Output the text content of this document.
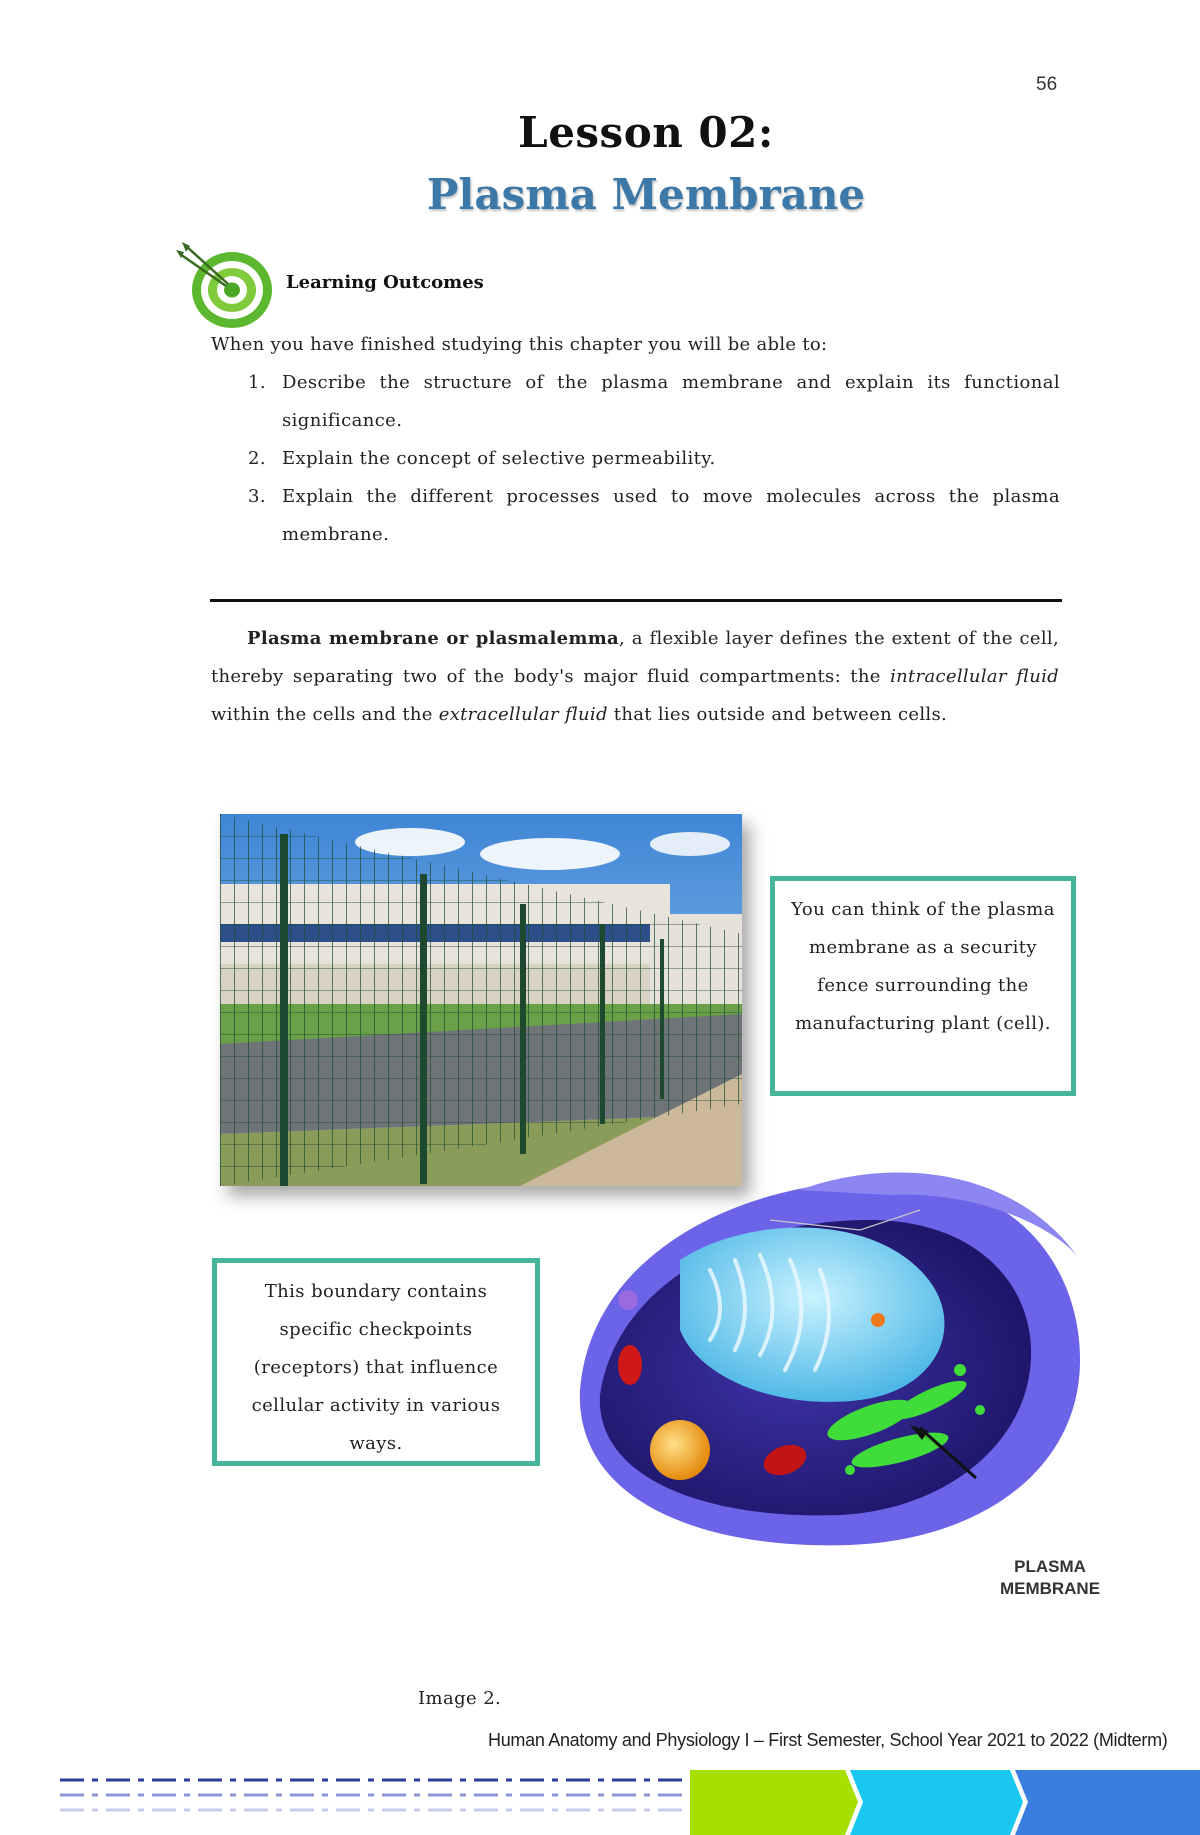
56
Lesson 02:
Plasma Membrane
Learning Outcomes
When you have finished studying this chapter you will be able to:
1. Describe the structure of the plasma membrane and explain its functional significance.
2. Explain the concept of selective permeability.
3. Explain the different processes used to move molecules across the plasma membrane.

Plasma membrane or plasmalemma, a flexible layer defines the extent of the cell, thereby separating two of the body's major fluid compartments: the intracellular fluid within the cells and the extracellular fluid that lies outside and between cells.

You can think of the plasma membrane as a security fence surrounding the manufacturing plant (cell).
This boundary contains specific checkpoints (receptors) that influence cellular activity in various ways.
PLASMA
MEMBRANE
Image 2.
Human Anatomy and Physiology I – First Semester, School Year 2021 to 2022 (Midterm)
